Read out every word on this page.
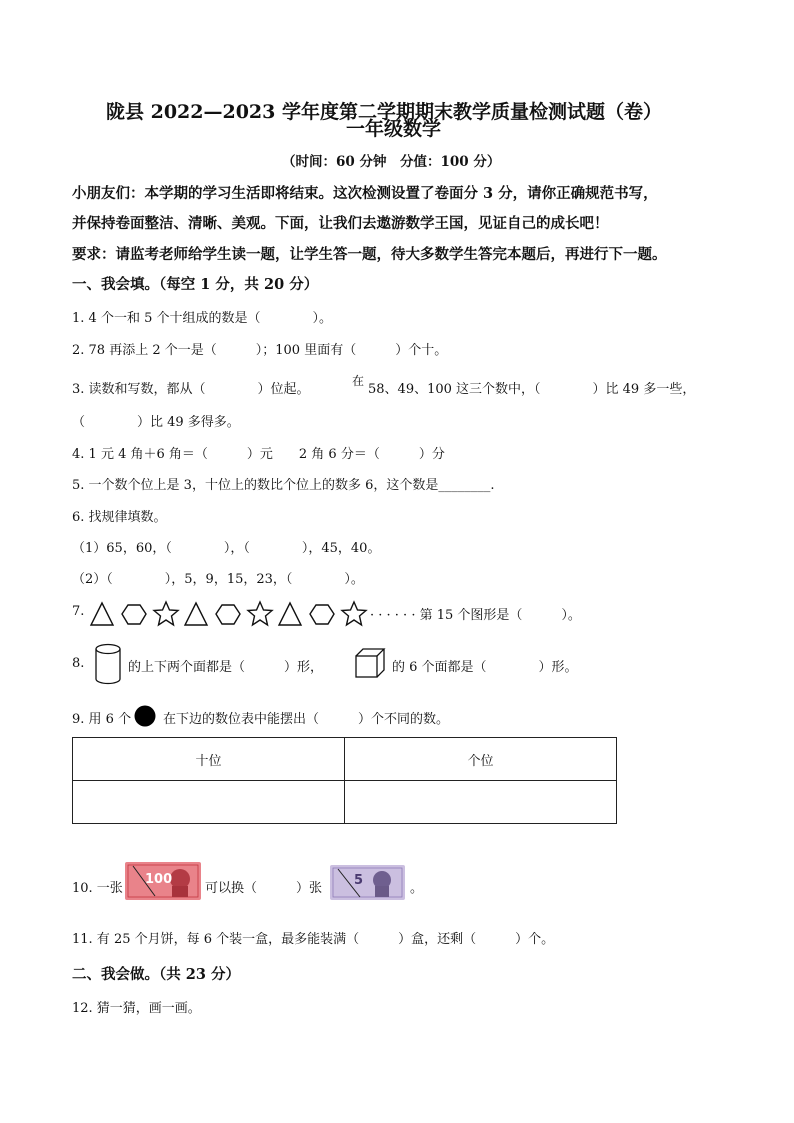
陇县 2022—2023 学年度第二学期期末教学质量检测试题（卷）
一年级数学
（时间：60 分钟　分值：100 分）
小朋友们：本学期的学习生活即将结束。这次检测设置了卷面分 3 分，请你正确规范书写，
并保持卷面整洁、清晰、美观。下面，让我们去遨游数学王国，见证自己的成长吧！
要求：请监考老师给学生读一题，让学生答一题，待大多数学生答完本题后，再进行下一题。
一、我会填。（每空 1 分，共 20 分）
1. 4 个一和 5 个十组成的数是（　　　　）。
2. 78 再添上 2 个一是（　　　）；100 里面有（　　　）个十。
3. 读数和写数，都从（　　　　）位起。
在
58、49、100 这三个数中，（　　　　）比 49 多一些，
（　　　　）比 49 多得多。
4. 1 元 4 角＋6 角＝（　　　）元　　2 角 6 分＝（　　　）分
5. 一个数个位上是 3，十位上的数比个位上的数多 6，这个数是________.
6. 找规律填数。
（1）65，60，（　　　　），（　　　　），45，40。
（2）（　　　　），5，9，15，23，（　　　　）。
7.	· · · · · · 第 15 个图形是（　　　）。
8.	的上下两个面都是（　　　）形，	的 6 个面都是（　　　　）形。
9. 用 6 个 在下边的数位表中能摆出（　　　）个不同的数。
十位	个位

10. 一张
100
可以换（　　　）张
5
。
11. 有 25 个月饼，每 6 个装一盒，最多能装满（　　　）盒，还剩（　　　）个。
二、我会做。（共 23 分）
12. 猜一猜，画一画。
